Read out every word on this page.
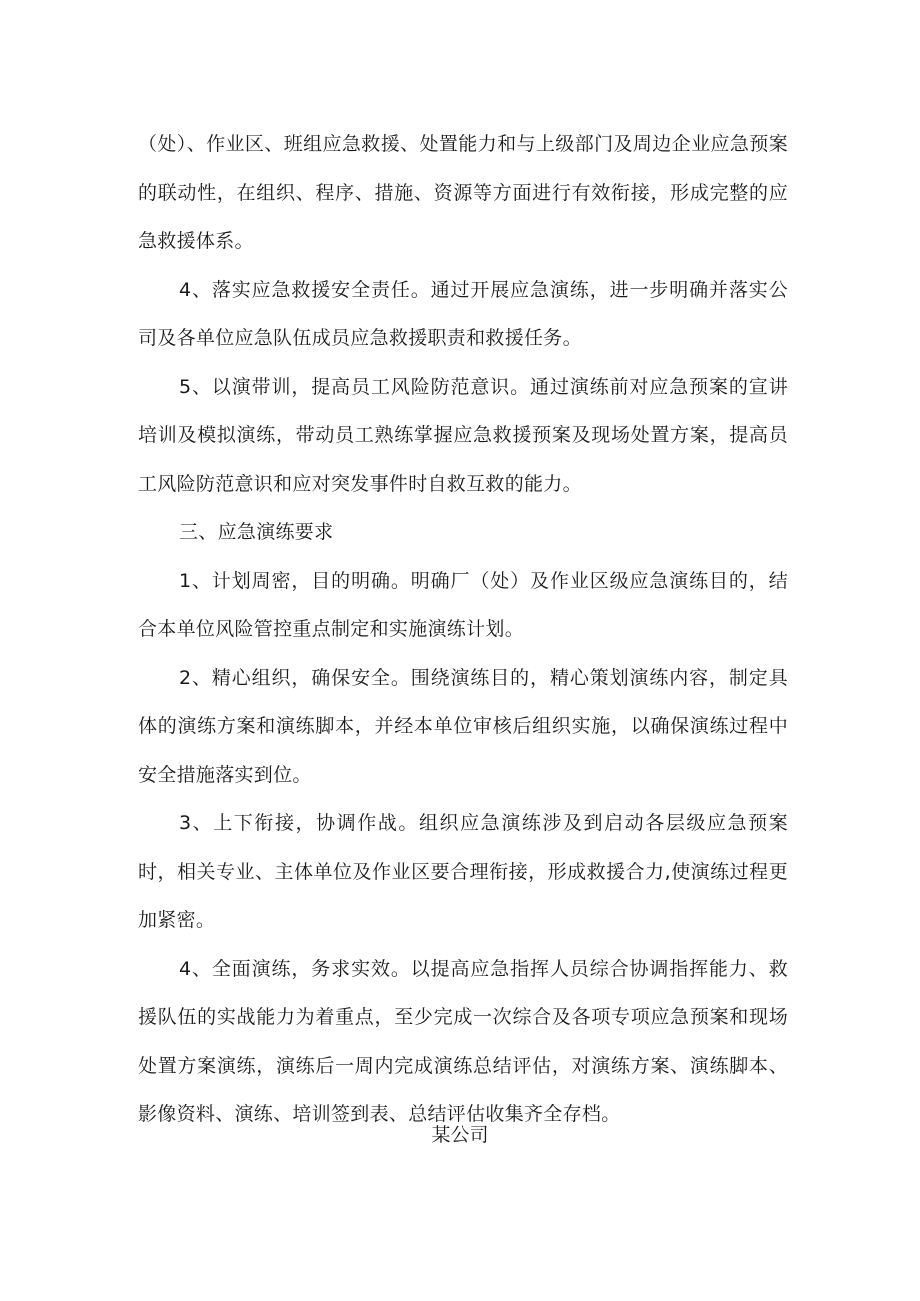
（处）、作业区、班组应急救援、处置能力和与上级部门及周边企业应急预案的联动性，在组织、程序、措施、资源等方面进行有效衔接，形成完整的应急救援体系。

4、落实应急救援安全责任。通过开展应急演练，进一步明确并落实公司及各单位应急队伍成员应急救援职责和救援任务。

5、以演带训，提高员工风险防范意识。通过演练前对应急预案的宣讲培训及模拟演练，带动员工熟练掌握应急救援预案及现场处置方案，提高员工风险防范意识和应对突发事件时自救互救的能力。

三、应急演练要求

1、计划周密，目的明确。明确厂（处）及作业区级应急演练目的，结合本单位风险管控重点制定和实施演练计划。

2、精心组织，确保安全。围绕演练目的，精心策划演练内容，制定具体的演练方案和演练脚本，并经本单位审核后组织实施，以确保演练过程中安全措施落实到位。

3、上下衔接，协调作战。组织应急演练涉及到启动各层级应急预案时，相关专业、主体单位及作业区要合理衔接，形成救援合力,使演练过程更加紧密。

4、全面演练，务求实效。以提高应急指挥人员综合协调指挥能力、救援队伍的实战能力为着重点，至少完成一次综合及各项专项应急预案和现场处置方案演练，演练后一周内完成演练总结评估，对演练方案、演练脚本、影像资料、演练、培训签到表、总结评估收集齐全存档。

某公司
